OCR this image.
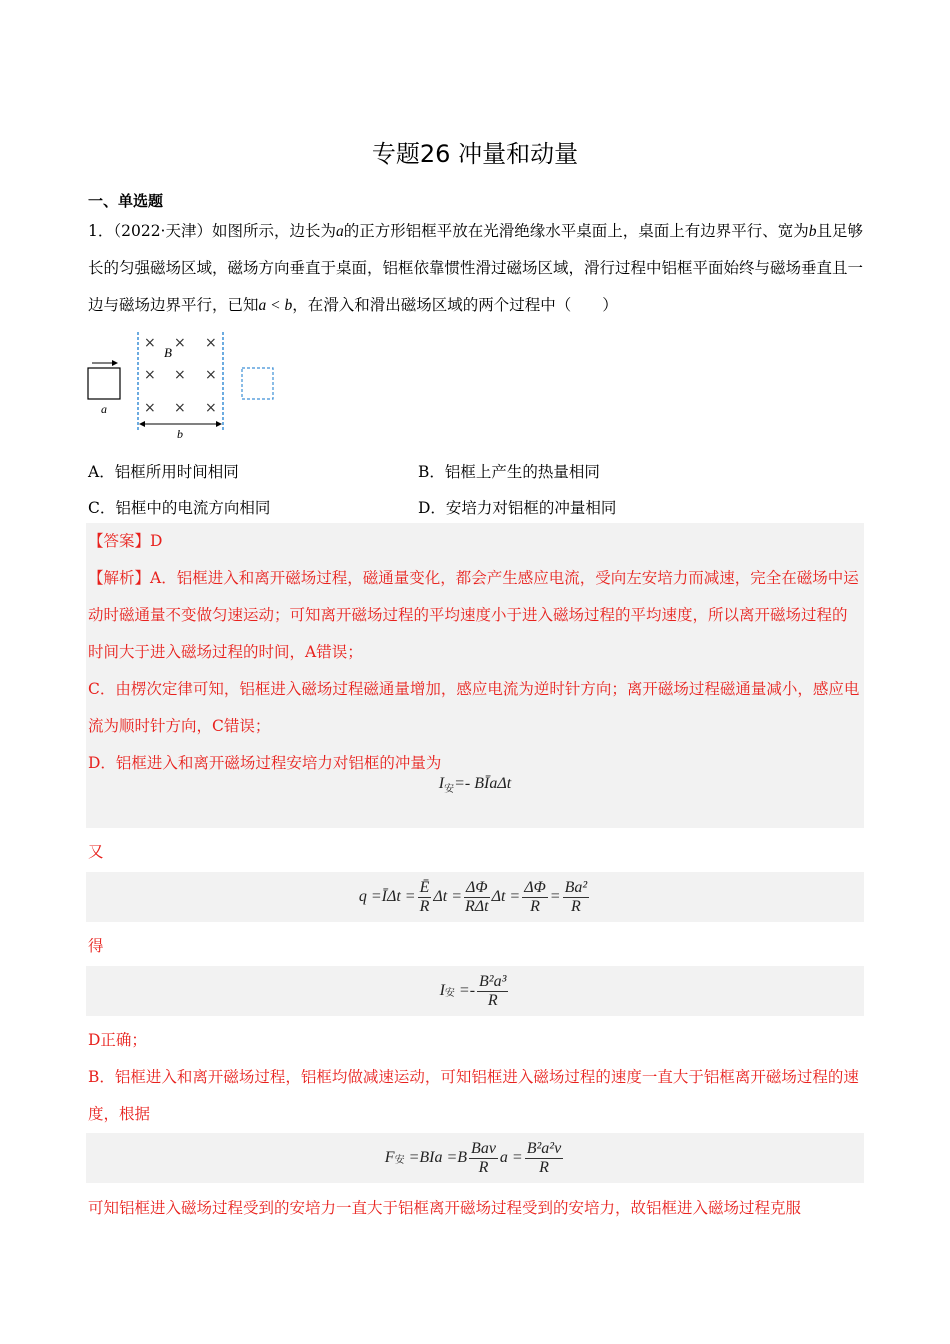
专题26 冲量和动量
一、单选题
1．（2022·天津）如图所示，边长为a的正方形铝框平放在光滑绝缘水平桌面上，桌面上有边界平行、宽为b且足够长的匀强磁场区域，磁场方向垂直于桌面，铝框依靠惯性滑过磁场区域，滑行过程中铝框平面始终与磁场垂直且一边与磁场边界平行，已知a < b，在滑入和滑出磁场区域的两个过程中（　　）
a
× × ×
× × ×
× × ×
B
b
A．铝框所用时间相同	B．铝框上产生的热量相同
C．铝框中的电流方向相同	D．安培力对铝框的冲量相同
【答案】D
【解析】A．铝框进入和离开磁场过程，磁通量变化，都会产生感应电流，受向左安培力而减速，完全在磁场中运动时磁通量不变做匀速运动；可知离开磁场过程的平均速度小于进入磁场过程的平均速度，所以离开磁场过程的时间大于进入磁场过程的时间，A错误；
C．由楞次定律可知，铝框进入磁场过程磁通量增加，感应电流为逆时针方向；离开磁场过程磁通量减小，感应电流为顺时针方向，C错误；
D．铝框进入和离开磁场过程安培力对铝框的冲量为
$I_安=-$ BĪaΔt
又
q
=ĪΔt = $\frac{Ē}{R}$ $\Delta t = \frac{\Delta\Phi}{\text{RΔt}}$ $\Delta t = \frac{\Delta\Phi}{R} = \frac{\text{Ba²}}{R}$
得
I 安
=- $\frac{\text{B²a³}}{R}$
D正确；
B．铝框进入和离开磁场过程，铝框均做减速运动，可知铝框进入磁场过程的速度一直大于铝框离开磁场过程的速度，根据
F 安
$=BIa =B \frac{\text{Bav}}{R}$ $a = \frac{\text{B²a²v}}{R}$
可知铝框进入磁场过程受到的安培力一直大于铝框离开磁场过程受到的安培力，故铝框进入磁场过程克服
